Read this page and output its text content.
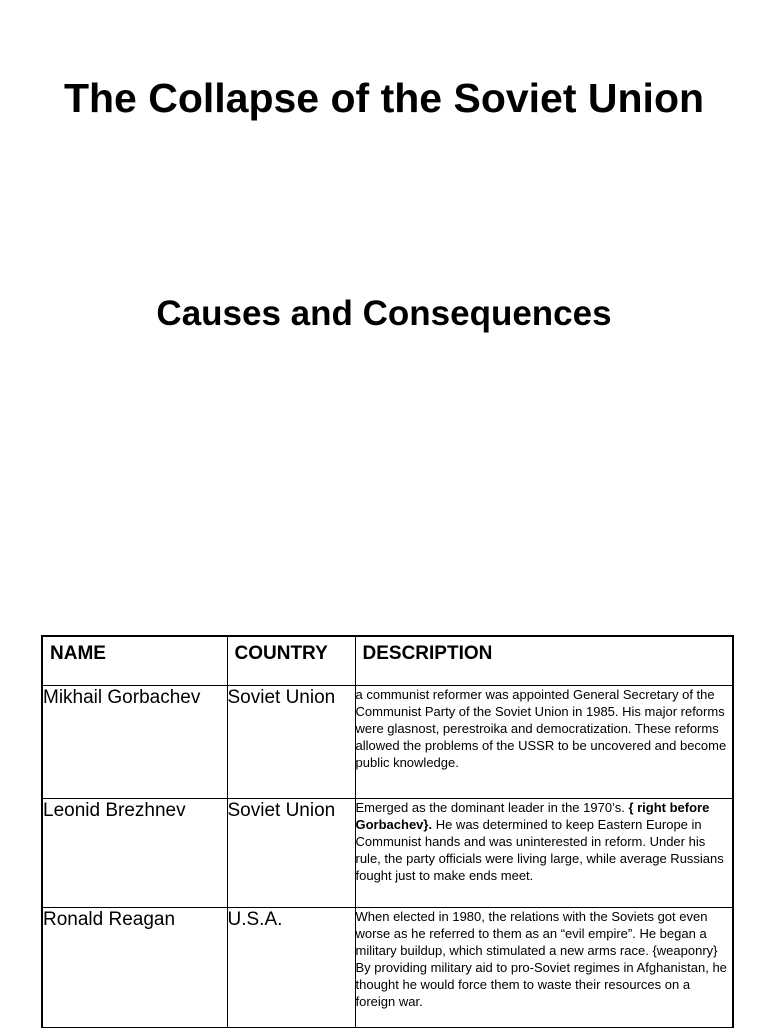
The Collapse of the Soviet Union
Causes and Consequences
NAME	COUNTRY	DESCRIPTION
Mikhail Gorbachev	Soviet Union	a communist reformer was appointed General Secretary of the Communist Party of the Soviet Union in 1985. His major reforms were glasnost, perestroika and democratization. These reforms allowed the problems of the USSR to be uncovered and become public knowledge.
Leonid Brezhnev	Soviet Union	Emerged as the dominant leader in the 1970’s. { right before Gorbachev}. He was determined to keep Eastern Europe in Communist hands and was uninterested in reform. Under his rule, the party officials were living large, while average Russians fought just to make ends meet.
Ronald Reagan	U.S.A.	When elected in 1980, the relations with the Soviets got even worse as he referred to them as an “evil empire”. He began a military buildup, which stimulated a new arms race. {weaponry} By providing military aid to pro-Soviet regimes in Afghanistan, he thought he would force them to waste their resources on a foreign war.
